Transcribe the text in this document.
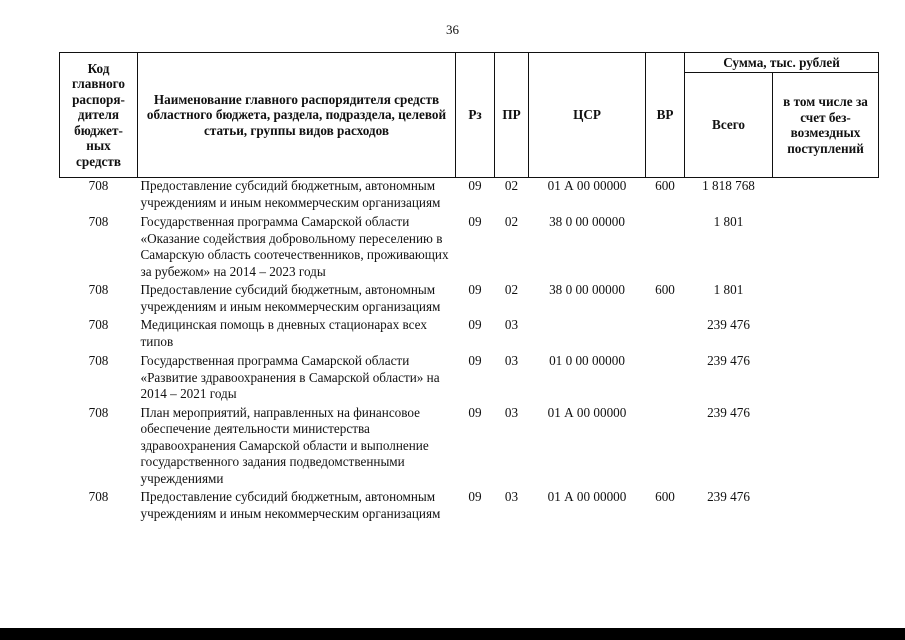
36
Код главного распоря-дителя бюджет-ных средств	Наименование главного распорядителя средств областного бюджета, раздела, подраздела, целевой статьи, группы видов расходов	Рз	ПР	ЦСР	ВР	Сумма, тыс. рублей	
						Всего	в том числе за счет без-возмездных поступлений
708	Предоставление субсидий бюджетным, автономным учреждениям и иным некоммерческим организациям	09	02	01 А 00 00000	600	1 818 768	
708	Государственная программа Самарской области «Оказание содействия добровольному переселению в Самарскую область соотечественников, проживающих за рубежом» на 2014 – 2023 годы	09	02	38 0 00 00000		1 801	
708	Предоставление субсидий бюджетным, автономным учреждениям и иным некоммерческим организациям	09	02	38 0 00 00000	600	1 801	
708	Медицинская помощь в дневных стационарах всех типов	09	03			239 476	
708	Государственная программа Самарской области «Развитие здравоохранения в Самарской области» на 2014 – 2021 годы	09	03	01 0 00 00000		239 476	
708	План мероприятий, направленных на финансовое обеспечение деятельности министерства здравоохранения Самарской области и выполнение государственного задания подведомственными учреждениями	09	03	01 А 00 00000		239 476	
708	Предоставление субсидий бюджетным, автономным учреждениям и иным некоммерческим организациям	09	03	01 А 00 00000	600	239 476	
